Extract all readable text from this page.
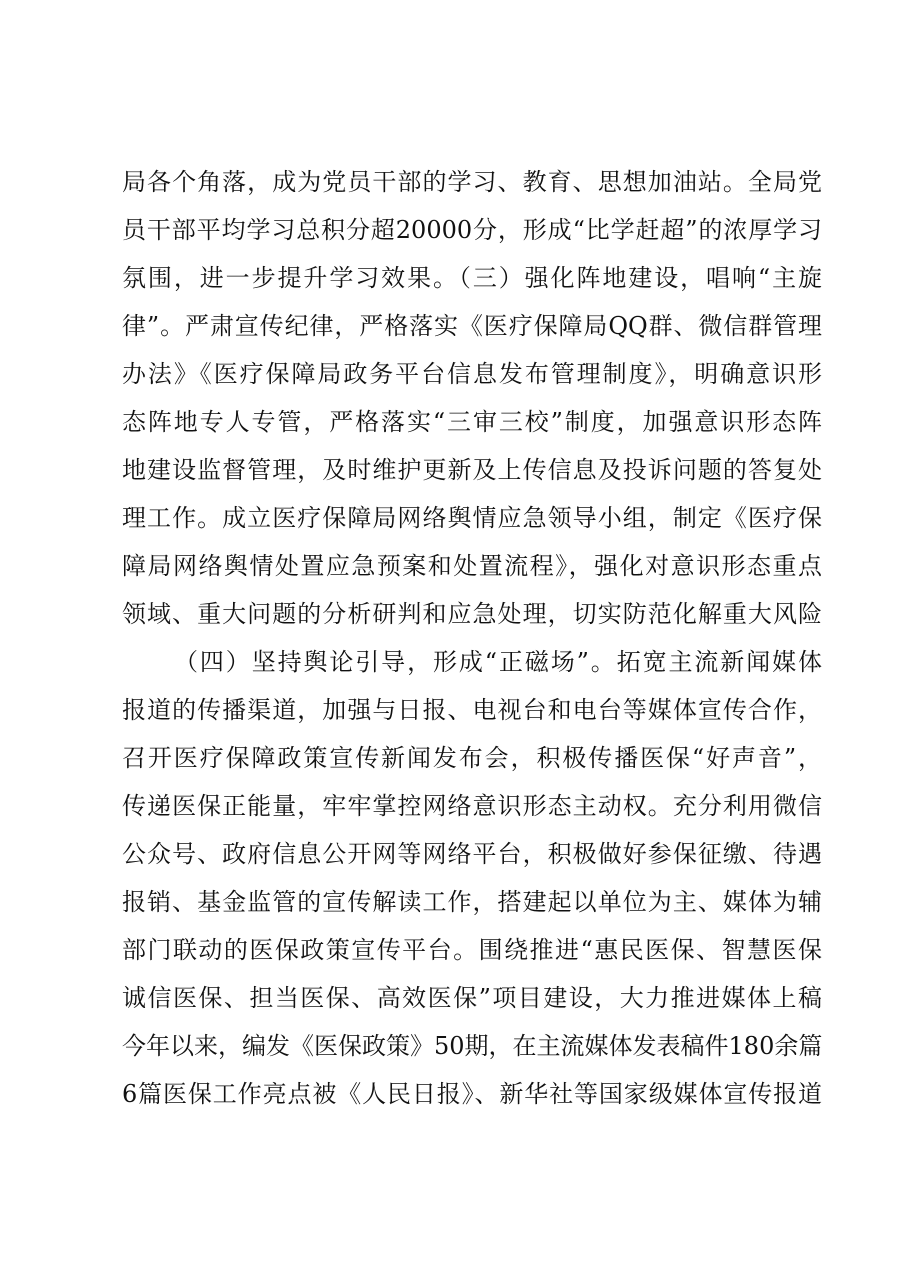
局各个角落，成为党员干部的学习、教育、思想加油站。全局党
员干部平均学习总积分超20000分，形成“比学赶超”的浓厚学习
氛围，进一步提升学习效果。（三）强化阵地建设，唱响“主旋
律”。严肃宣传纪律，严格落实《医疗保障局QQ群、微信群管理
办法》《医疗保障局政务平台信息发布管理制度》，明确意识形
态阵地专人专管，严格落实“三审三校”制度，加强意识形态阵
地建设监督管理，及时维护更新及上传信息及投诉问题的答复处
理工作。成立医疗保障局网络舆情应急领导小组，制定《医疗保
障局网络舆情处置应急预案和处置流程》，强化对意识形态重点
领域、重大问题的分析研判和应急处理，切实防范化解重大风险
（四）坚持舆论引导，形成“正磁场”。拓宽主流新闻媒体
报道的传播渠道，加强与日报、电视台和电台等媒体宣传合作，
召开医疗保障政策宣传新闻发布会，积极传播医保“好声音”，
传递医保正能量，牢牢掌控网络意识形态主动权。充分利用微信
公众号、政府信息公开网等网络平台，积极做好参保征缴、待遇
报销、基金监管的宣传解读工作，搭建起以单位为主、媒体为辅
部门联动的医保政策宣传平台。围绕推进“惠民医保、智慧医保
诚信医保、担当医保、高效医保”项目建设，大力推进媒体上稿
今年以来，编发《医保政策》50期，在主流媒体发表稿件180余篇
6篇医保工作亮点被《人民日报》、新华社等国家级媒体宣传报道
